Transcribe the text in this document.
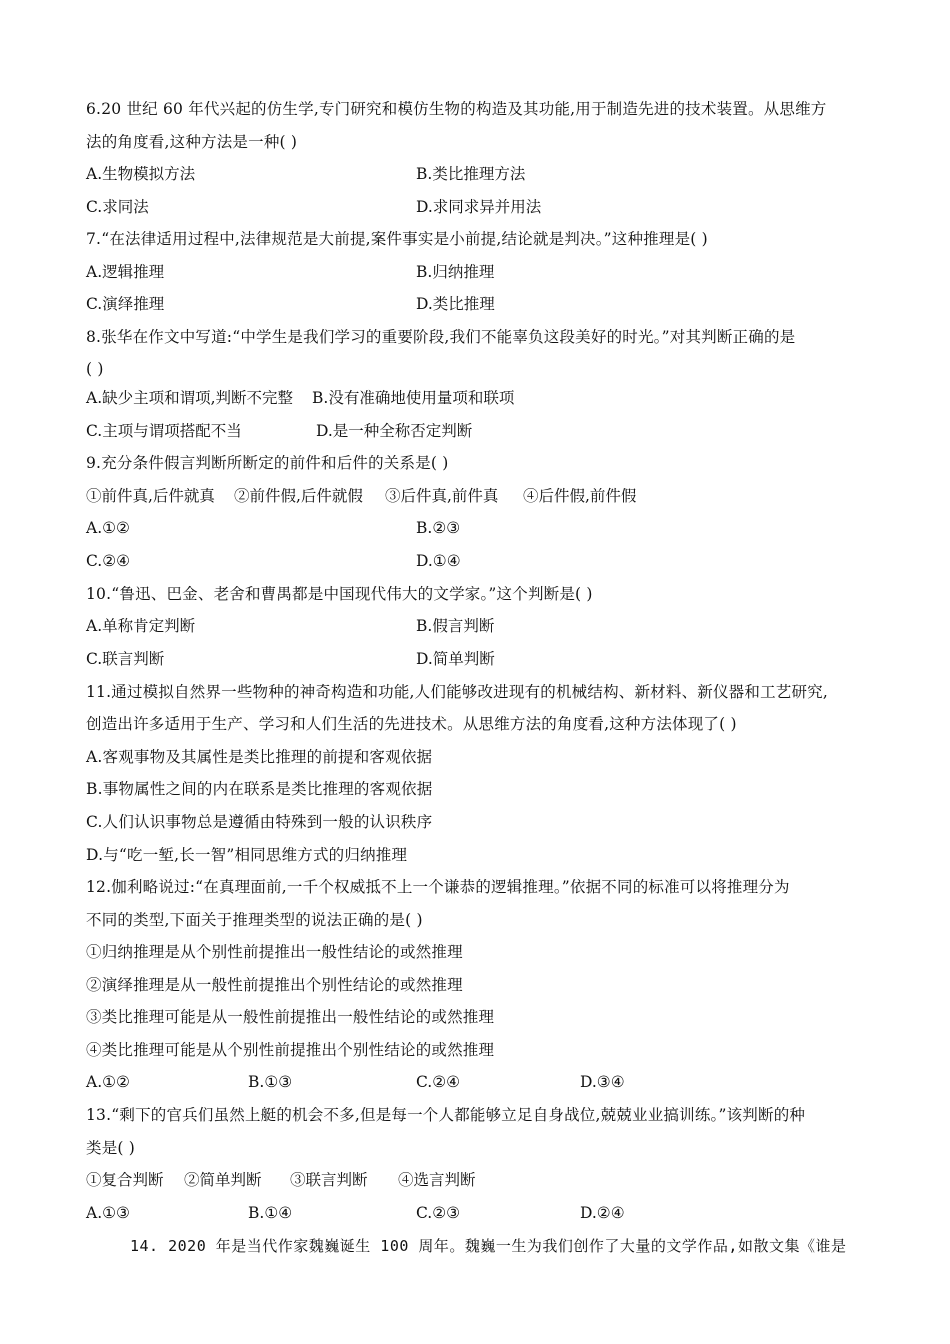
6.20 世纪 60 年代兴起的仿生学,专门研究和模仿生物的构造及其功能,用于制造先进的技术装置。从思维方
法的角度看,这种方法是一种( )
A.生物模拟方法	B.类比推理方法
C.求同法	D.求同求异并用法
7.“在法律适用过程中,法律规范是大前提,案件事实是小前提,结论就是判决。”这种推理是( )
A.逻辑推理	B.归纳推理
C.演绎推理	D.类比推理
8.张华在作文中写道:“中学生是我们学习的重要阶段,我们不能辜负这段美好的时光。”对其判断正确的是
( )
A.缺少主项和谓项,判断不完整 B.没有准确地使用量项和联项
C.主项与谓项搭配不当	D.是一种全称否定判断
9.充分条件假言判断所断定的前件和后件的关系是( )
①前件真,后件就真 ②前件假,后件就假 ③后件真,前件真 ④后件假,前件假
A.①②	B.②③
C.②④	D.①④
10.“鲁迅、巴金、老舍和曹禺都是中国现代伟大的文学家。”这个判断是( )
A.单称肯定判断	B.假言判断
C.联言判断	D.简单判断
11.通过模拟自然界一些物种的神奇构造和功能,人们能够改进现有的机械结构、新材料、新仪器和工艺研究,
创造出许多适用于生产、学习和人们生活的先进技术。从思维方法的角度看,这种方法体现了( )
A.客观事物及其属性是类比推理的前提和客观依据
B.事物属性之间的内在联系是类比推理的客观依据
C.人们认识事物总是遵循由特殊到一般的认识秩序
D.与“吃一堑,长一智”相同思维方式的归纳推理
12.伽利略说过:“在真理面前,一千个权威抵不上一个谦恭的逻辑推理。”依据不同的标准可以将推理分为
不同的类型,下面关于推理类型的说法正确的是( )
①归纳推理是从个别性前提推出一般性结论的或然推理
②演绎推理是从一般性前提推出个别性结论的或然推理
③类比推理可能是从一般性前提推出一般性结论的或然推理
④类比推理可能是从个别性前提推出个别性结论的或然推理
A.①②	B.①③	C.②④	D.③④
13.“剩下的官兵们虽然上艇的机会不多,但是每一个人都能够立足自身战位,兢兢业业搞训练。”该判断的种
类是( )
①复合判断 ②简单判断 ③联言判断 ④选言判断
A.①③	B.①④	C.②③	D.②④
14. 2020 年是当代作家魏巍诞生 100 周年。魏巍一生为我们创作了大量的文学作品,如散文集《谁是
